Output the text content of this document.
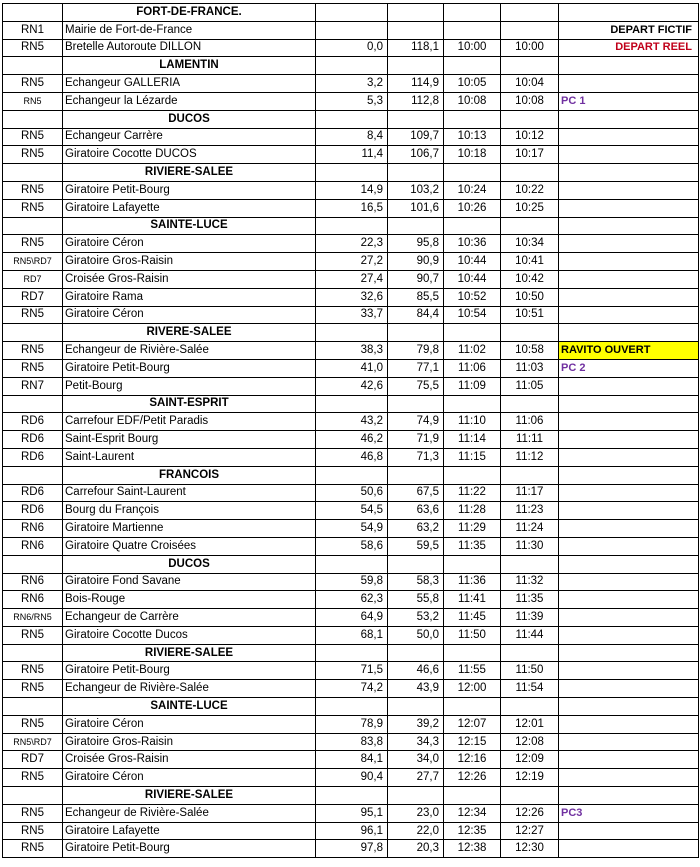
	FORT-DE-FRANCE.					
RN1	Mairie de Fort-de-France					DEPART FICTIF
RN5	Bretelle Autoroute DILLON	0,0	118,1	10:00	10:00	DEPART REEL
	LAMENTIN					
RN5	Echangeur GALLERIA	3,2	114,9	10:05	10:04	
RN5	Echangeur la Lézarde	5,3	112,8	10:08	10:08	PC 1
	DUCOS					
RN5	Echangeur Carrère	8,4	109,7	10:13	10:12	
RN5	Giratoire Cocotte DUCOS	11,4	106,7	10:18	10:17	
	RIVIERE-SALEE					
RN5	Giratoire Petit-Bourg	14,9	103,2	10:24	10:22	
RN5	Giratoire Lafayette	16,5	101,6	10:26	10:25	
	SAINTE-LUCE					
RN5	Giratoire Céron	22,3	95,8	10:36	10:34	
RN5\RD7	Giratoire Gros-Raisin	27,2	90,9	10:44	10:41	
RD7	Croisée Gros-Raisin	27,4	90,7	10:44	10:42	
RD7	Giratoire Rama	32,6	85,5	10:52	10:50	
RN5	Giratoire Céron	33,7	84,4	10:54	10:51	
	RIVERE-SALEE					
RN5	Echangeur de Rivière-Salée	38,3	79,8	11:02	10:58	RAVITO OUVERT
RN5	Giratoire Petit-Bourg	41,0	77,1	11:06	11:03	PC 2
RN7	Petit-Bourg	42,6	75,5	11:09	11:05	
	SAINT-ESPRIT					
RD6	Carrefour EDF/Petit Paradis	43,2	74,9	11:10	11:06	
RD6	Saint-Esprit Bourg	46,2	71,9	11:14	11:11	
RD6	Saint-Laurent	46,8	71,3	11:15	11:12	
	FRANCOIS					
RD6	Carrefour Saint-Laurent	50,6	67,5	11:22	11:17	
RD6	Bourg du François	54,5	63,6	11:28	11:23	
RN6	Giratoire Martienne	54,9	63,2	11:29	11:24	
RN6	Giratoire Quatre Croisées	58,6	59,5	11:35	11:30	
	DUCOS					
RN6	Giratoire Fond Savane	59,8	58,3	11:36	11:32	
RN6	Bois-Rouge	62,3	55,8	11:41	11:35	
RN6/RN5	Echangeur de Carrère	64,9	53,2	11:45	11:39	
RN5	Giratoire Cocotte Ducos	68,1	50,0	11:50	11:44	
	RIVIERE-SALEE					
RN5	Giratoire Petit-Bourg	71,5	46,6	11:55	11:50	
RN5	Echangeur de Rivière-Salée	74,2	43,9	12:00	11:54	
	SAINTE-LUCE					
RN5	Giratoire Céron	78,9	39,2	12:07	12:01	
RN5\RD7	Giratoire Gros-Raisin	83,8	34,3	12:15	12:08	
RD7	Croisée Gros-Raisin	84,1	34,0	12:16	12:09	
RN5	Giratoire Céron	90,4	27,7	12:26	12:19	
	RIVIERE-SALEE					
RN5	Echangeur de Rivière-Salée	95,1	23,0	12:34	12:26	PC3
RN5	Giratoire Lafayette	96,1	22,0	12:35	12:27	
RN5	Giratoire Petit-Bourg	97,8	20,3	12:38	12:30	
